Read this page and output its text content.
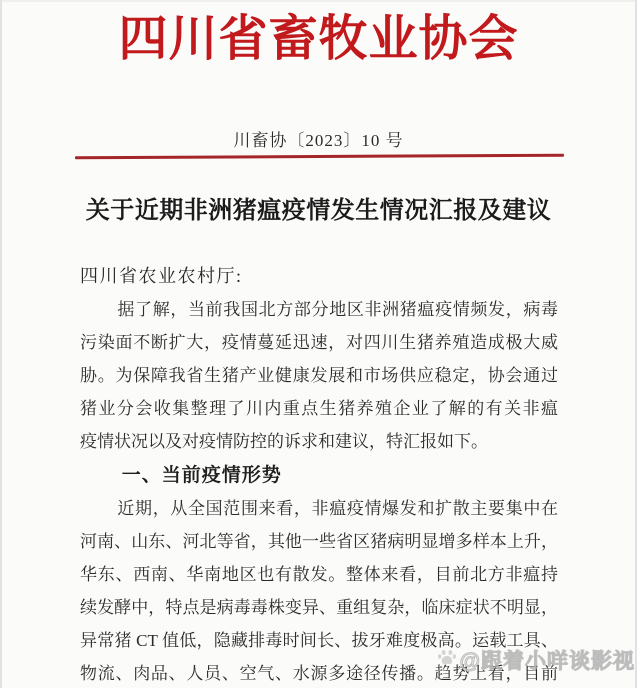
四川省畜牧业协会
川畜协〔2023〕10 号
关于近期非洲猪瘟疫情发生情况汇报及建议
四川省农业农村厅:
据了解，当前我国北方部分地区非洲猪瘟疫情频发，病毒
污染面不断扩大，疫情蔓延迅速，对四川生猪养殖造成极大威
胁。为保障我省生猪产业健康发展和市场供应稳定，协会通过
猪业分会收集整理了川内重点生猪养殖企业了解的有关非瘟
疫情状况以及对疫情防控的诉求和建议，特汇报如下。
一、当前疫情形势
近期，从全国范围来看，非瘟疫情爆发和扩散主要集中在
河南、山东、河北等省，其他一些省区猪病明显增多样本上升，
华东、西南、华南地区也有散发。整体来看，目前北方非瘟持
续发酵中，特点是病毒毒株变异、重组复杂，临床症状不明显，
异常猪 CT 值低，隐藏排毒时间长、拔牙难度极高。运载工具、
物流、肉品、人员、空气、水源多途径传播。趋势上看，目前
@跟着小咩谈影视
